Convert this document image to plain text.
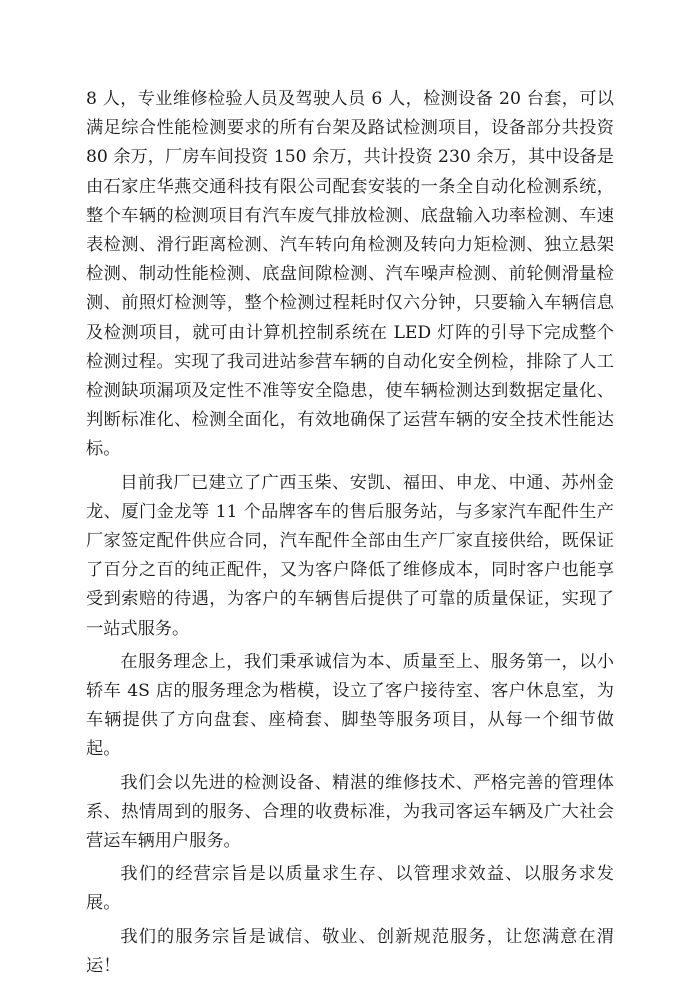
8 人，专业维修检验人员及驾驶人员 6 人，检测设备 20 台套，可以满足综合性能检测要求的所有台架及路试检测项目，设备部分共投资 80 余万，厂房车间投资 150 余万，共计投资 230 余万，其中设备是由石家庄华燕交通科技有限公司配套安装的一条全自动化检测系统，整个车辆的检测项目有汽车废气排放检测、底盘输入功率检测、车速表检测、滑行距离检测、汽车转向角检测及转向力矩检测、独立悬架检测、制动性能检测、底盘间隙检测、汽车噪声检测、前轮侧滑量检测、前照灯检测等，整个检测过程耗时仅六分钟，只要输入车辆信息及检测项目，就可由计算机控制系统在 LED 灯阵的引导下完成整个检测过程。实现了我司进站参营车辆的自动化安全例检，排除了人工检测缺项漏项及定性不准等安全隐患，使车辆检测达到数据定量化、判断标准化、检测全面化，有效地确保了运营车辆的安全技术性能达标。

目前我厂已建立了广西玉柴、安凯、福田、申龙、中通、苏州金龙、厦门金龙等 11 个品牌客车的售后服务站，与多家汽车配件生产厂家签定配件供应合同，汽车配件全部由生产厂家直接供给，既保证了百分之百的纯正配件，又为客户降低了维修成本，同时客户也能享受到索赔的待遇，为客户的车辆售后提供了可靠的质量保证，实现了一站式服务。

在服务理念上，我们秉承诚信为本、质量至上、服务第一，以小轿车 4S 店的服务理念为楷模，设立了客户接待室、客户休息室，为车辆提供了方向盘套、座椅套、脚垫等服务项目，从每一个细节做起。

我们会以先进的检测设备、精湛的维修技术、严格完善的管理体系、热情周到的服务、合理的收费标准，为我司客运车辆及广大社会营运车辆用户服务。

我们的经营宗旨是以质量求生存、以管理求效益、以服务求发展。

我们的服务宗旨是诚信、敬业、创新规范服务，让您满意在渭运！
